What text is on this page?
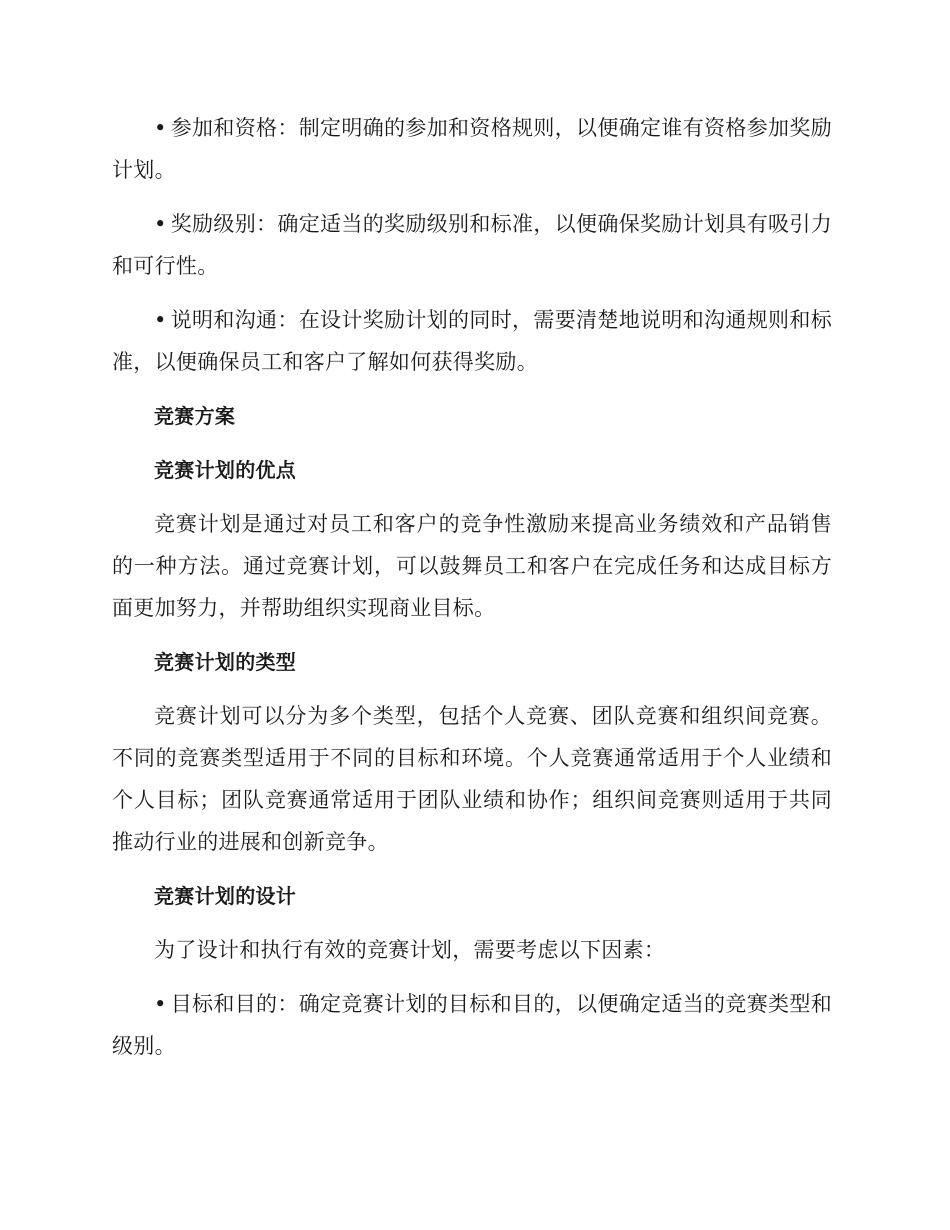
• 参加和资格：制定明确的参加和资格规则，以便确定谁有资格参加奖励计划。

• 奖励级别：确定适当的奖励级别和标准，以便确保奖励计划具有吸引力和可行性。

• 说明和沟通：在设计奖励计划的同时，需要清楚地说明和沟通规则和标准，以便确保员工和客户了解如何获得奖励。

竞赛方案
竞赛计划的优点

竞赛计划是通过对员工和客户的竞争性激励来提高业务绩效和产品销售的一种方法。通过竞赛计划，可以鼓舞员工和客户在完成任务和达成目标方面更加努力，并帮助组织实现商业目标。

竞赛计划的类型

竞赛计划可以分为多个类型，包括个人竞赛、团队竞赛和组织间竞赛。不同的竞赛类型适用于不同的目标和环境。个人竞赛通常适用于个人业绩和个人目标；团队竞赛通常适用于团队业绩和协作；组织间竞赛则适用于共同推动行业的进展和创新竞争。

竞赛计划的设计

为了设计和执行有效的竞赛计划，需要考虑以下因素：

• 目标和目的：确定竞赛计划的目标和目的，以便确定适当的竞赛类型和级别。
